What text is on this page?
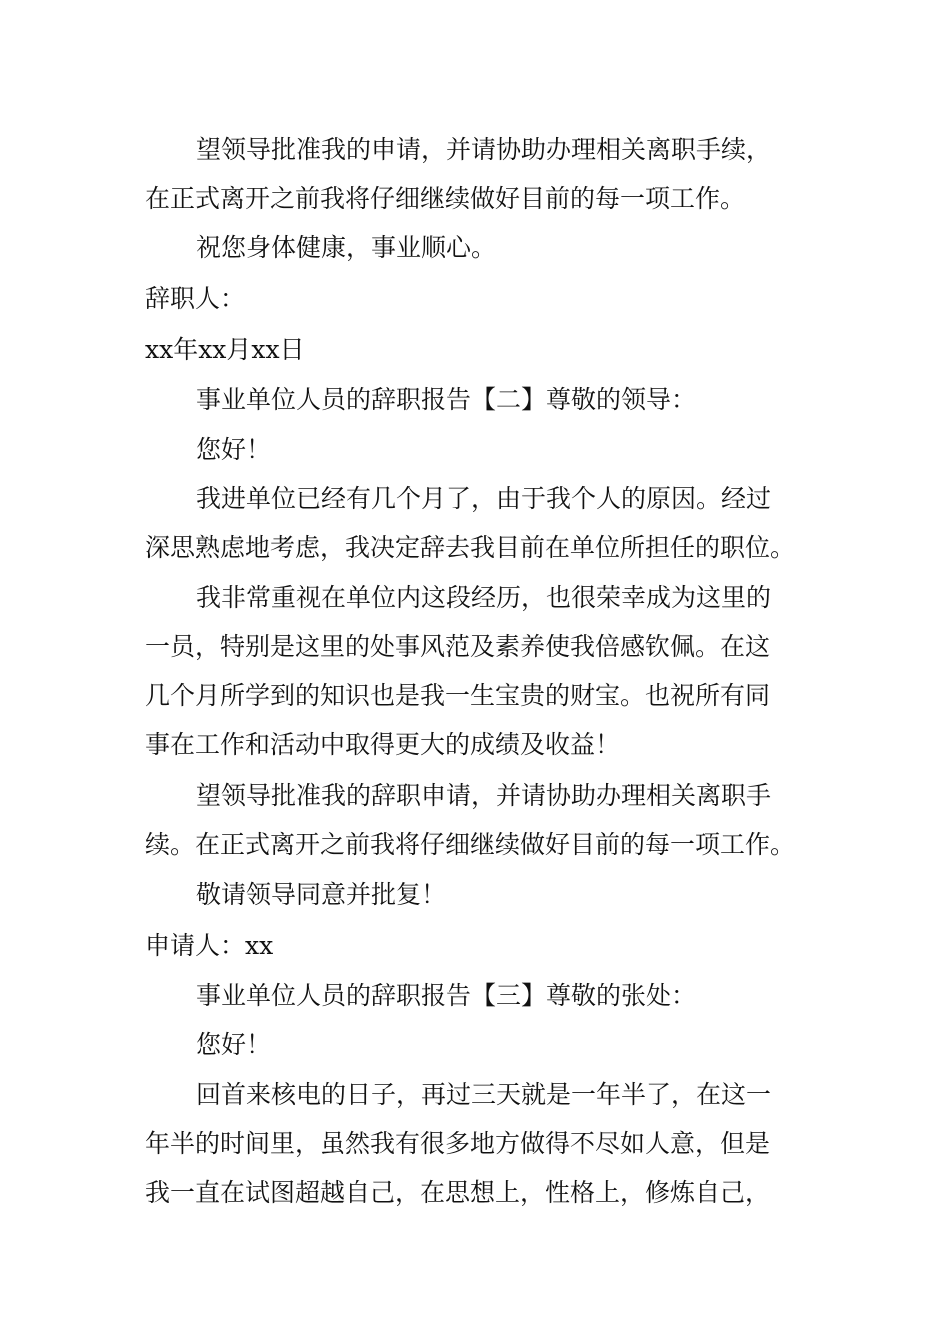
望领导批准我的申请，并请协助办理相关离职手续，
在正式离开之前我将仔细继续做好目前的每一项工作。
祝您身体健康，事业顺心。
辞职人：
xx年xx月xx日
事业单位人员的辞职报告【二】尊敬的领导：
您好！
我进单位已经有几个月了，由于我个人的原因。经过
深思熟虑地考虑，我决定辞去我目前在单位所担任的职位。
我非常重视在单位内这段经历，也很荣幸成为这里的
一员，特别是这里的处事风范及素养使我倍感钦佩。在这
几个月所学到的知识也是我一生宝贵的财宝。也祝所有同
事在工作和活动中取得更大的成绩及收益！
望领导批准我的辞职申请，并请协助办理相关离职手
续。在正式离开之前我将仔细继续做好目前的每一项工作。
敬请领导同意并批复！
申请人：xx
事业单位人员的辞职报告【三】尊敬的张处：
您好！
回首来核电的日子，再过三天就是一年半了，在这一
年半的时间里，虽然我有很多地方做得不尽如人意，但是
我一直在试图超越自己，在思想上，性格上，修炼自己，
